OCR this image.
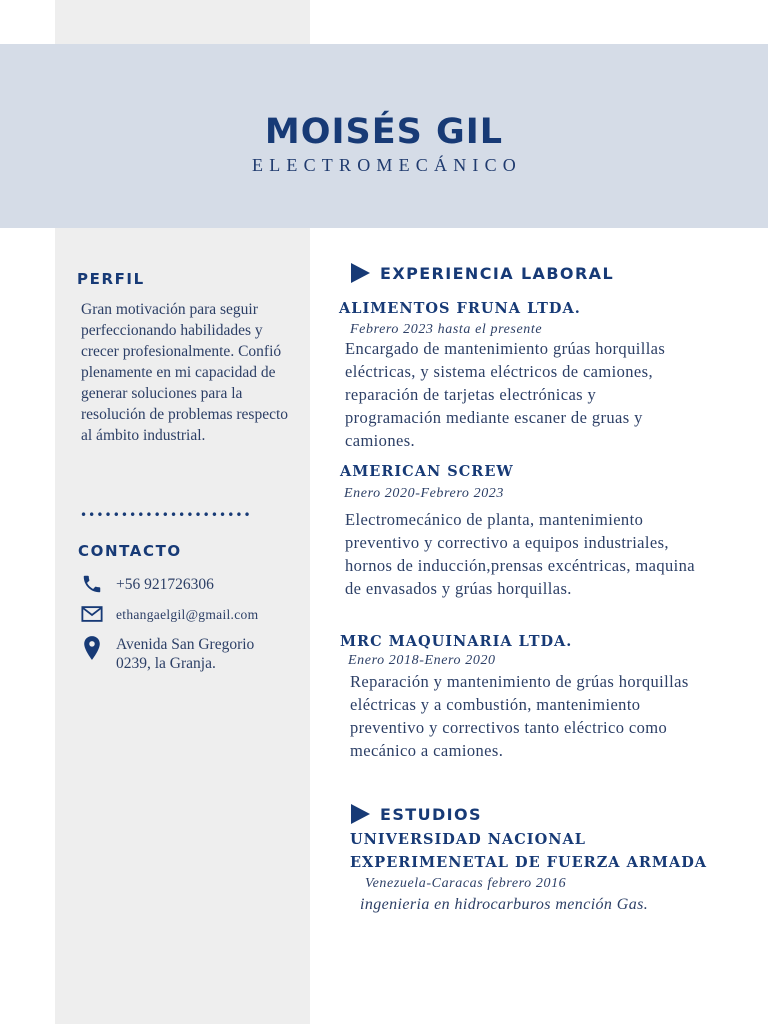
MOISÉS GIL
ELECTROMECÁNICO
PERFIL
Gran motivación para seguir perfeccionando habilidades y crecer profesionalmente. Confió plenamente en mi capacidad de generar soluciones para la resolución de problemas respecto al ámbito industrial.
•••••••••••••••••••••
CONTACTO
+56 921726306
ethangaelgil@gmail.com
Avenida San Gregorio 0239, la Granja.
EXPERIENCIA LABORAL
ALIMENTOS FRUNA LTDA.
Febrero 2023 hasta el presente
Encargado de mantenimiento grúas horquillas eléctricas, y sistema eléctricos de camiones, reparación de tarjetas electrónicas y programación mediante escaner de gruas y camiones.
AMERICAN SCREW
Enero 2020-Febrero 2023
Electromecánico de planta, mantenimiento preventivo y correctivo a equipos industriales, hornos de inducción,prensas excéntricas, maquina de envasados y grúas horquillas.
MRC MAQUINARIA LTDA.
Enero 2018-Enero 2020
Reparación y mantenimiento de grúas horquillas eléctricas y a combustión, mantenimiento preventivo y correctivos tanto eléctrico como mecánico a camiones.
ESTUDIOS
UNIVERSIDAD NACIONAL
EXPERIMENETAL DE FUERZA ARMADA
Venezuela-Caracas febrero 2016
ingenieria en hidrocarburos mención Gas.
